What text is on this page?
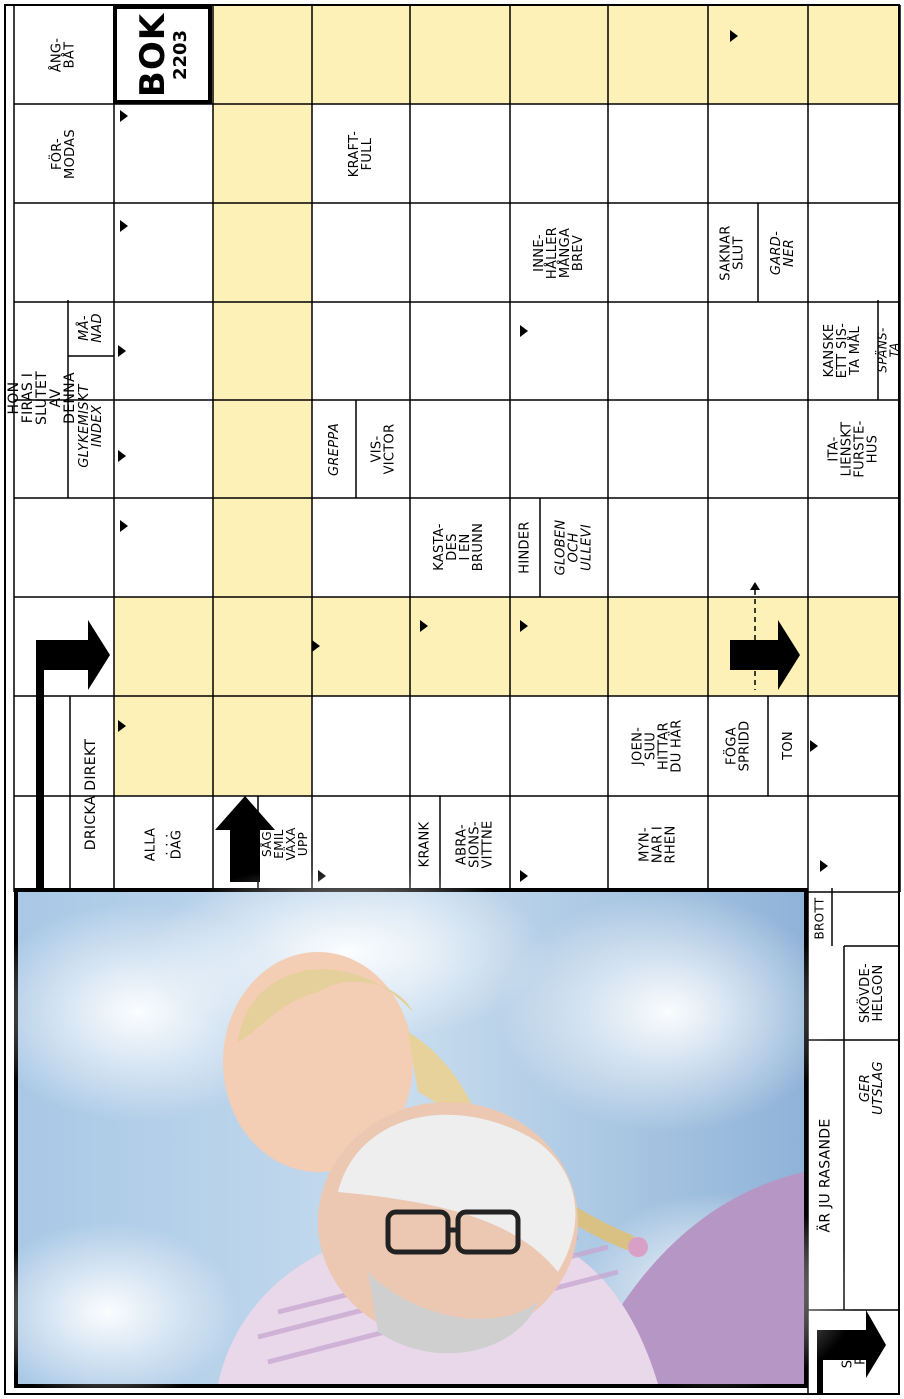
BOK
2203
ÅNG-
BÅT
FÖR-
MODAS
HON FIRAS I
SLUTET AV DENNA GLYKEMISKT
INDEX
MÅ-
NAD
DRICKA DIREKT	ALLA
. . .
DAG	SÅG EMIL
VÄXA UPP	KRANK ABRA-
SIONS-
VITTNE	MYN-
NAR I
RHEN
JOEN-
SUU
HITTAR
DU HÄR	FÖGA
SPRIDD TON
KASTA-
DES
I EN
BRUNN HINDER GLOBEN
OCH
ULLEVI
GREPPA VIS-
VICTOR
KRAFT-
FULL
INNE-
HÅLLER
MÅNGA
BREV	SAKNAR
SLUT GARD-
NER
ITA-
LIENSKT
FURSTE-
HUS
KANSKE
ETT SIS-
TA MÅL SPÄNS-
TA
ÄR JU RASANDE
GER
UTSLAG
SKÖVDE-
HELGON
BROTT
SKO-
PAR
